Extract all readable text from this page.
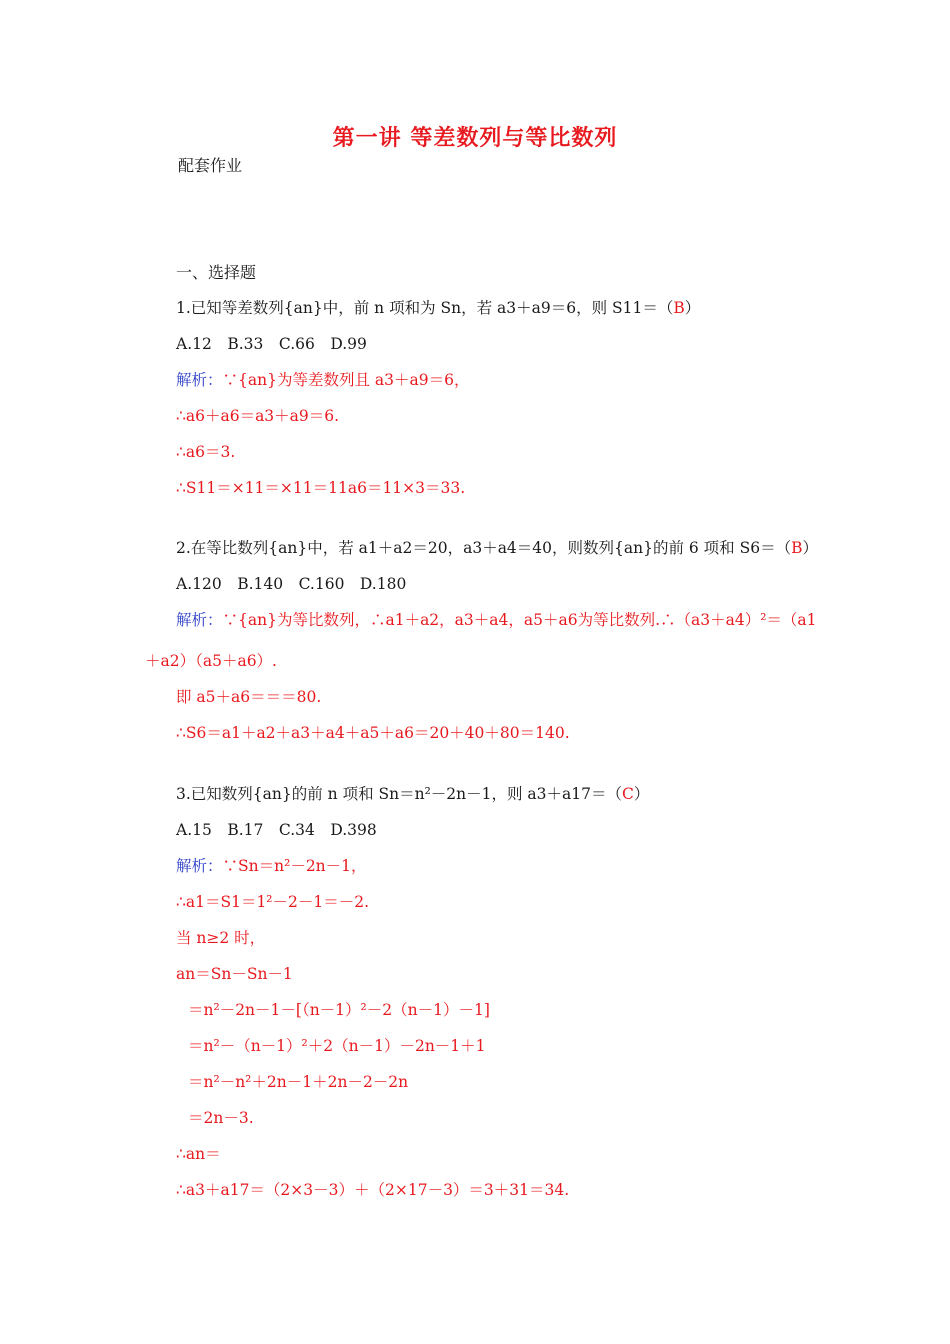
第一讲 等差数列与等比数列
配套作业
一、选择题
1.已知等差数列{an}中，前 n 项和为 Sn，若 a3＋a9＝6，则 S11＝（B）
A.12　B.33　C.66　D.99
解析：∵{an}为等差数列且 a3＋a9＝6，
∴a6＋a6＝a3＋a9＝6.
∴a6＝3.
∴S11＝×11＝×11＝11a6＝11×3＝33.
2.在等比数列{an}中，若 a1＋a2＝20，a3＋a4＝40，则数列{an}的前 6 项和 S6＝（B）
A.120　B.140　C.160　D.180
解析：∵{an}为等比数列，∴a1＋a2，a3＋a4，a5＋a6为等比数列.∴（a3＋a4）²＝（a1
＋a2）（a5＋a6）.
即 a5＋a6＝＝＝80.
∴S6＝a1＋a2＋a3＋a4＋a5＋a6＝20＋40＋80＝140.
3.已知数列{an}的前 n 项和 Sn＝n²－2n－1，则 a3＋a17＝（C）
A.15　B.17　C.34　D.398
解析：∵Sn＝n²－2n－1，
∴a1＝S1＝1²－2－1＝－2.
当 n≥2 时，
an＝Sn－Sn－1
＝n²－2n－1－[（n－1）²－2（n－1）－1]
＝n²－（n－1）²＋2（n－1）－2n－1＋1
＝n²－n²＋2n－1＋2n－2－2n
＝2n－3.
∴an＝
∴a3＋a17＝（2×3－3）＋（2×17－3）＝3＋31＝34.
